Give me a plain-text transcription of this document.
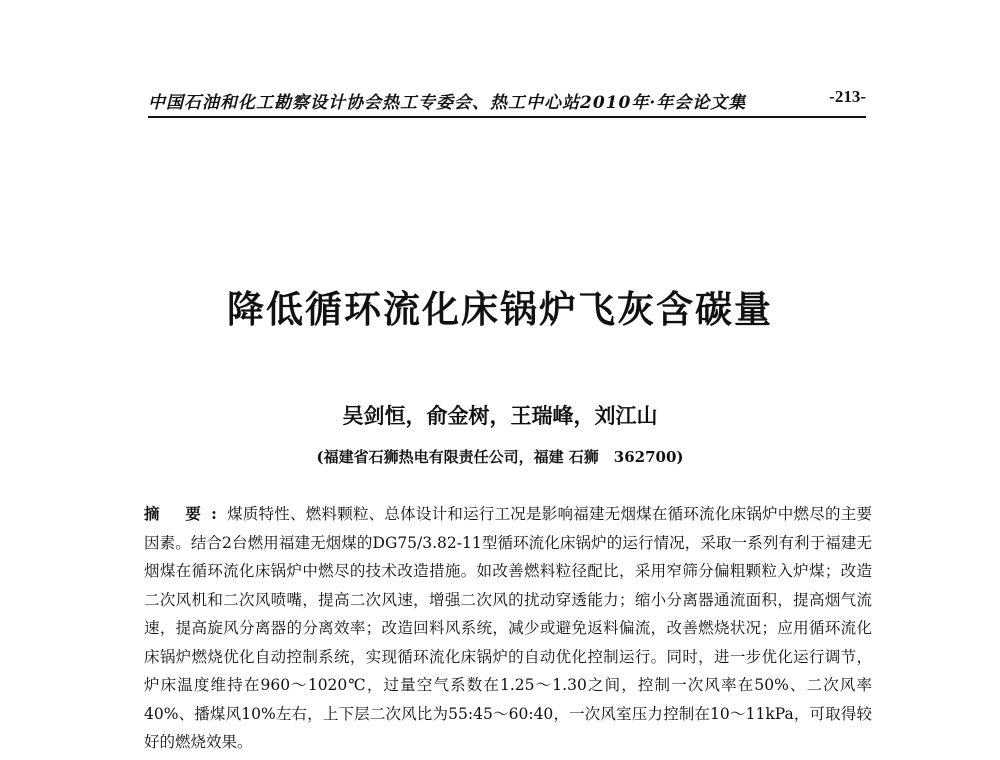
中国石油和化工勘察设计协会热工专委会、热工中心站2010年·年会论文集	-213-
降低循环流化床锅炉飞灰含碳量
吴剑恒，俞金树，王瑞峰，刘江山
(福建省石狮热电有限责任公司，福建 石狮　362700)

摘 要:煤质特性、燃料颗粒、总体设计和运行工况是影响福建无烟煤在循环流化床锅炉中燃尽的主要因素。结合2台燃用福建无烟煤的DG75/3.82-11型循环流化床锅炉的运行情况，采取一系列有利于福建无烟煤在循环流化床锅炉中燃尽的技术改造措施。如改善燃料粒径配比，采用窄筛分偏粗颗粒入炉煤；改造二次风机和二次风喷嘴，提高二次风速，增强二次风的扰动穿透能力；缩小分离器通流面积，提高烟气流速，提高旋风分离器的分离效率；改造回料风系统，减少或避免返料偏流，改善燃烧状况；应用循环流化床锅炉燃烧优化自动控制系统，实现循环流化床锅炉的自动优化控制运行。同时，进一步优化运行调节，炉床温度维持在960～1020℃，过量空气系数在1.25～1.30之间，控制一次风率在50%、二次风率40%、播煤风10%左右，上下层二次风比为55:45～60:40，一次风室压力控制在10～11kPa，可取得较好的燃烧效果。
